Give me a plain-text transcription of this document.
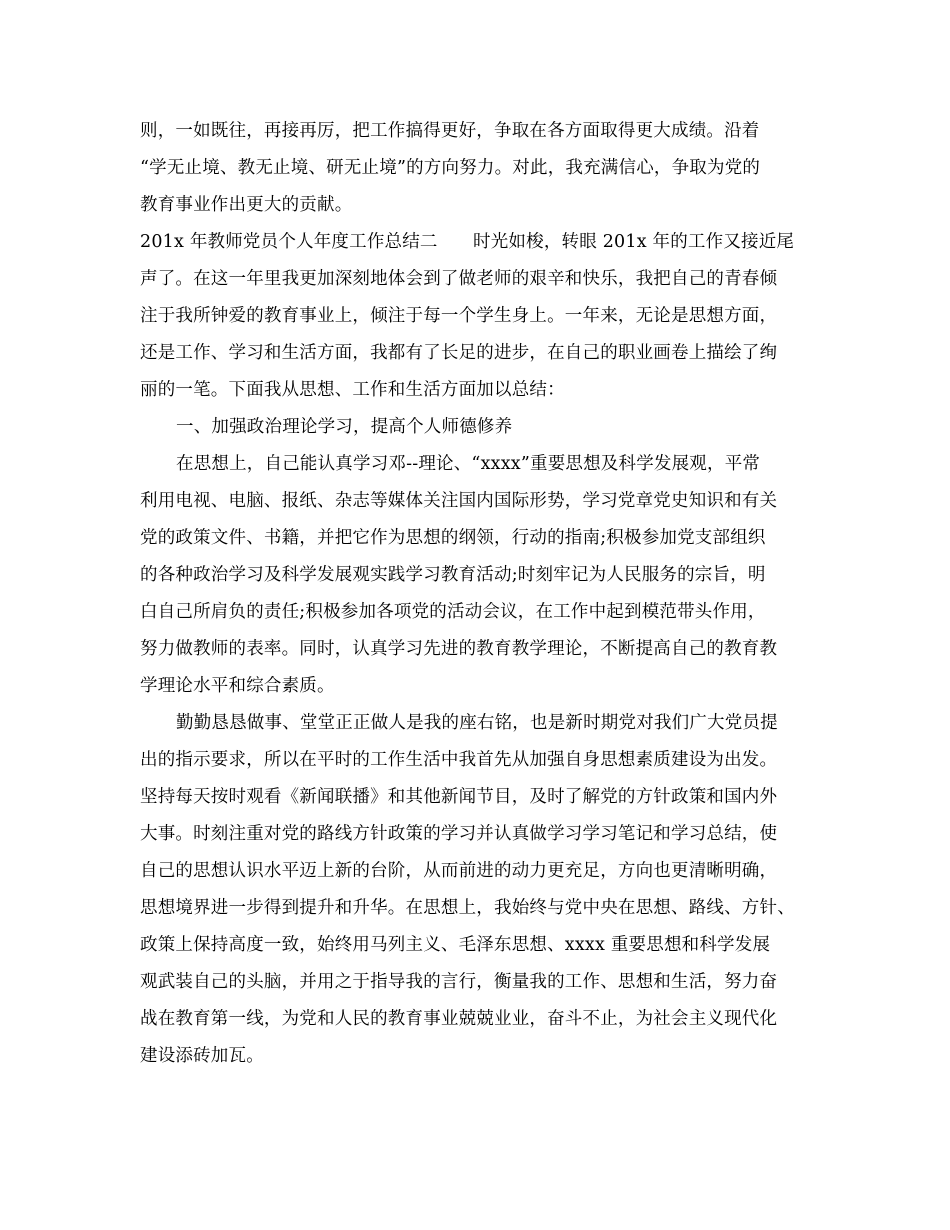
则，一如既往，再接再厉，把工作搞得更好，争取在各方面取得更大成绩。沿着
“学无止境、教无止境、研无止境”的方向努力。对此，我充满信心，争取为党的
教育事业作出更大的贡献。
201x 年教师党员个人年度工作总结二　　时光如梭，转眼 201x 年的工作又接近尾
声了。在这一年里我更加深刻地体会到了做老师的艰辛和快乐，我把自己的青春倾
注于我所钟爱的教育事业上，倾注于每一个学生身上。一年来，无论是思想方面，
还是工作、学习和生活方面，我都有了长足的进步，在自己的职业画卷上描绘了绚
丽的一笔。下面我从思想、工作和生活方面加以总结：
一、加强政治理论学习，提高个人师德修养
在思想上，自己能认真学习邓--理论、“xxxx”重要思想及科学发展观，平常
利用电视、电脑、报纸、杂志等媒体关注国内国际形势，学习党章党史知识和有关
党的政策文件、书籍，并把它作为思想的纲领，行动的指南;积极参加党支部组织
的各种政治学习及科学发展观实践学习教育活动;时刻牢记为人民服务的宗旨，明
白自己所肩负的责任;积极参加各项党的活动会议，在工作中起到模范带头作用，
努力做教师的表率。同时，认真学习先进的教育教学理论，不断提高自己的教育教
学理论水平和综合素质。
勤勤恳恳做事、堂堂正正做人是我的座右铭，也是新时期党对我们广大党员提
出的指示要求，所以在平时的工作生活中我首先从加强自身思想素质建设为出发。
坚持每天按时观看《新闻联播》和其他新闻节目，及时了解党的方针政策和国内外
大事。时刻注重对党的路线方针政策的学习并认真做学习学习笔记和学习总结，使
自己的思想认识水平迈上新的台阶，从而前进的动力更充足，方向也更清晰明确，
思想境界进一步得到提升和升华。在思想上，我始终与党中央在思想、路线、方针、
政策上保持高度一致，始终用马列主义、毛泽东思想、xxxx 重要思想和科学发展
观武装自己的头脑，并用之于指导我的言行，衡量我的工作、思想和生活，努力奋
战在教育第一线，为党和人民的教育事业兢兢业业，奋斗不止，为社会主义现代化
建设添砖加瓦。
